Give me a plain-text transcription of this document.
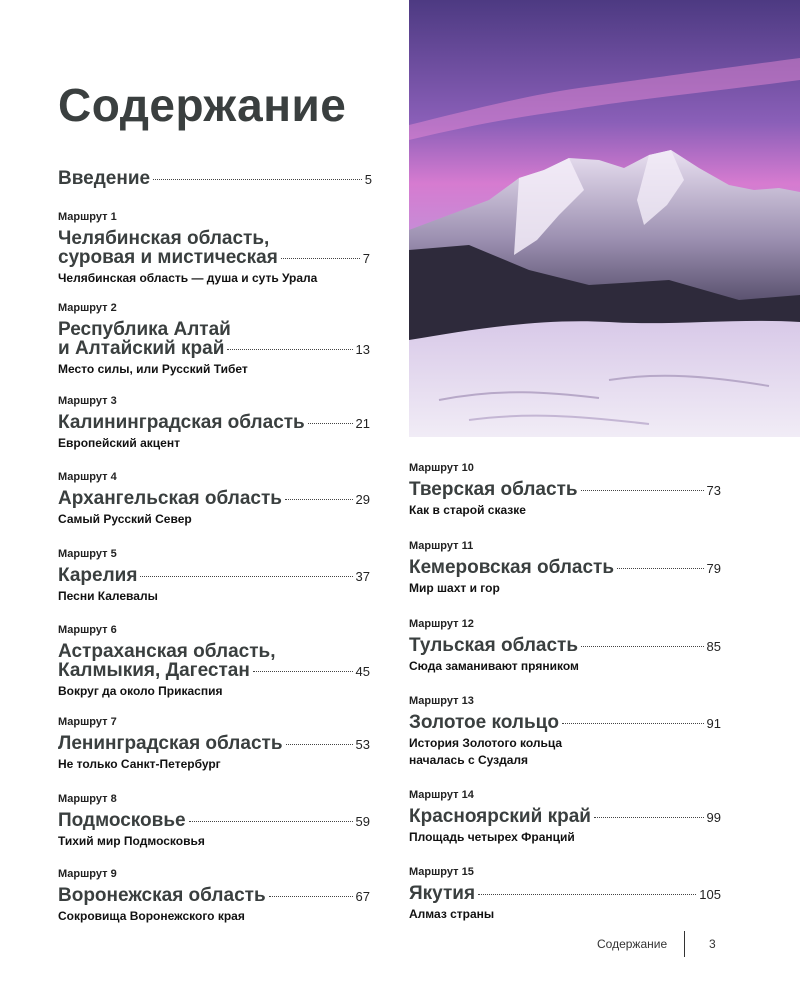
Содержание
Введение	5
Маршрут 1
Челябинская область,
суровая и мистическая	7
Челябинская область — душа и суть Урала
Маршрут 2
Республика Алтай
и Алтайский край	13
Место силы, или Русский Тибет
Маршрут 3
Калининградская область	21
Европейский акцент
Маршрут 4
Архангельская область	29
Самый Русский Север
Маршрут 5
Карелия	37
Песни Калевалы
Маршрут 6
Астраханская область,
Калмыкия, Дагестан	45
Вокруг да около Прикаспия
Маршрут 7
Ленинградская область	53
Не только Санкт-Петербург
Маршрут 8
Подмосковье	59
Тихий мир Подмосковья
Маршрут 9
Воронежская область	67
Сокровища Воронежского края
Маршрут 10
Тверская область	73
Как в старой сказке
Маршрут 11
Кемеровская область	79
Мир шахт и гор
Маршрут 12
Тульская область	85
Сюда заманивают пряником
Маршрут 13
Золотое кольцо	91
История Золотого кольца
началась с Суздаля
Маршрут 14
Красноярский край	99
Площадь четырех Франций
Маршрут 15
Якутия	105
Алмаз страны
Содержание	3
